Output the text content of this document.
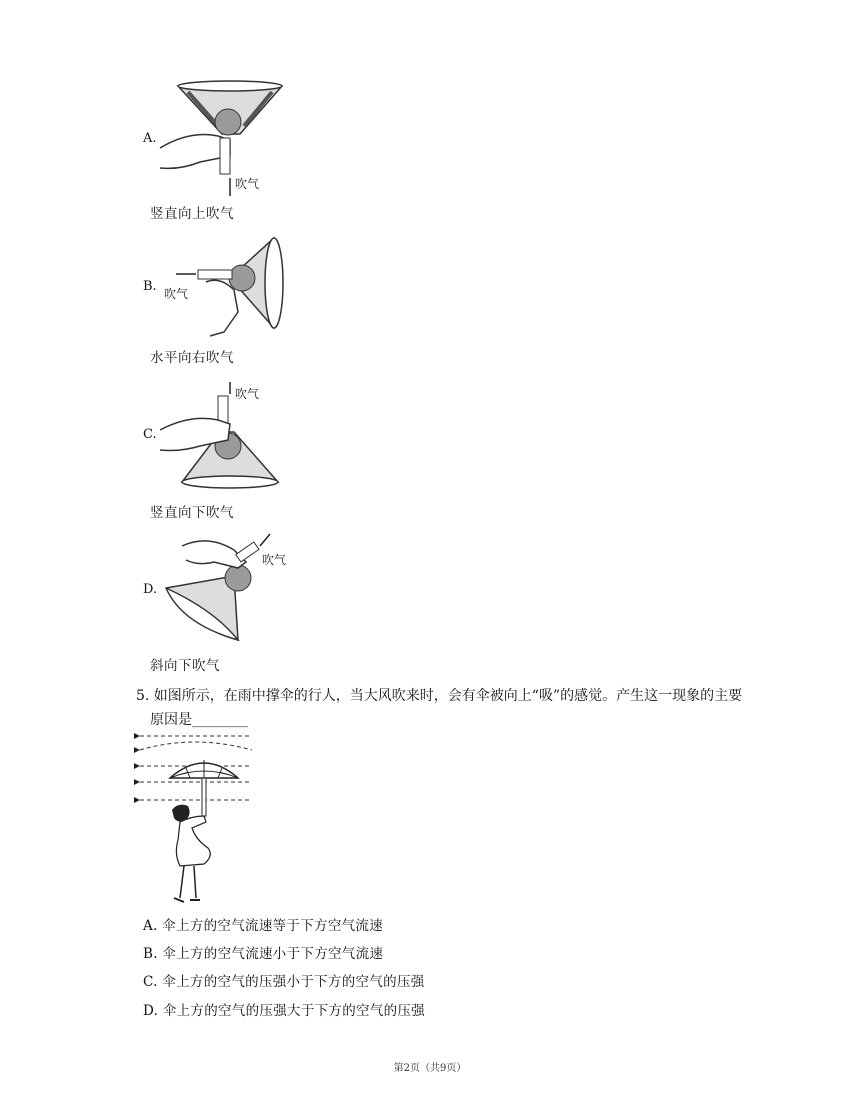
A.
吹气
竖直向上吹气
B. 吹气
水平向右吹气
C.
吹气
竖直向下吹气
D.
吹气
斜向下吹气
5. 如图所示，在雨中撑伞的行人，当大风吹来时，会有伞被向上“吸”的感觉。产生这一现象的主要
原因是________
A. 伞上方的空气流速等于下方空气流速
B. 伞上方的空气流速小于下方空气流速
C. 伞上方的空气的压强小于下方的空气的压强
D. 伞上方的空气的压强大于下方的空气的压强
第2页（共9页）
